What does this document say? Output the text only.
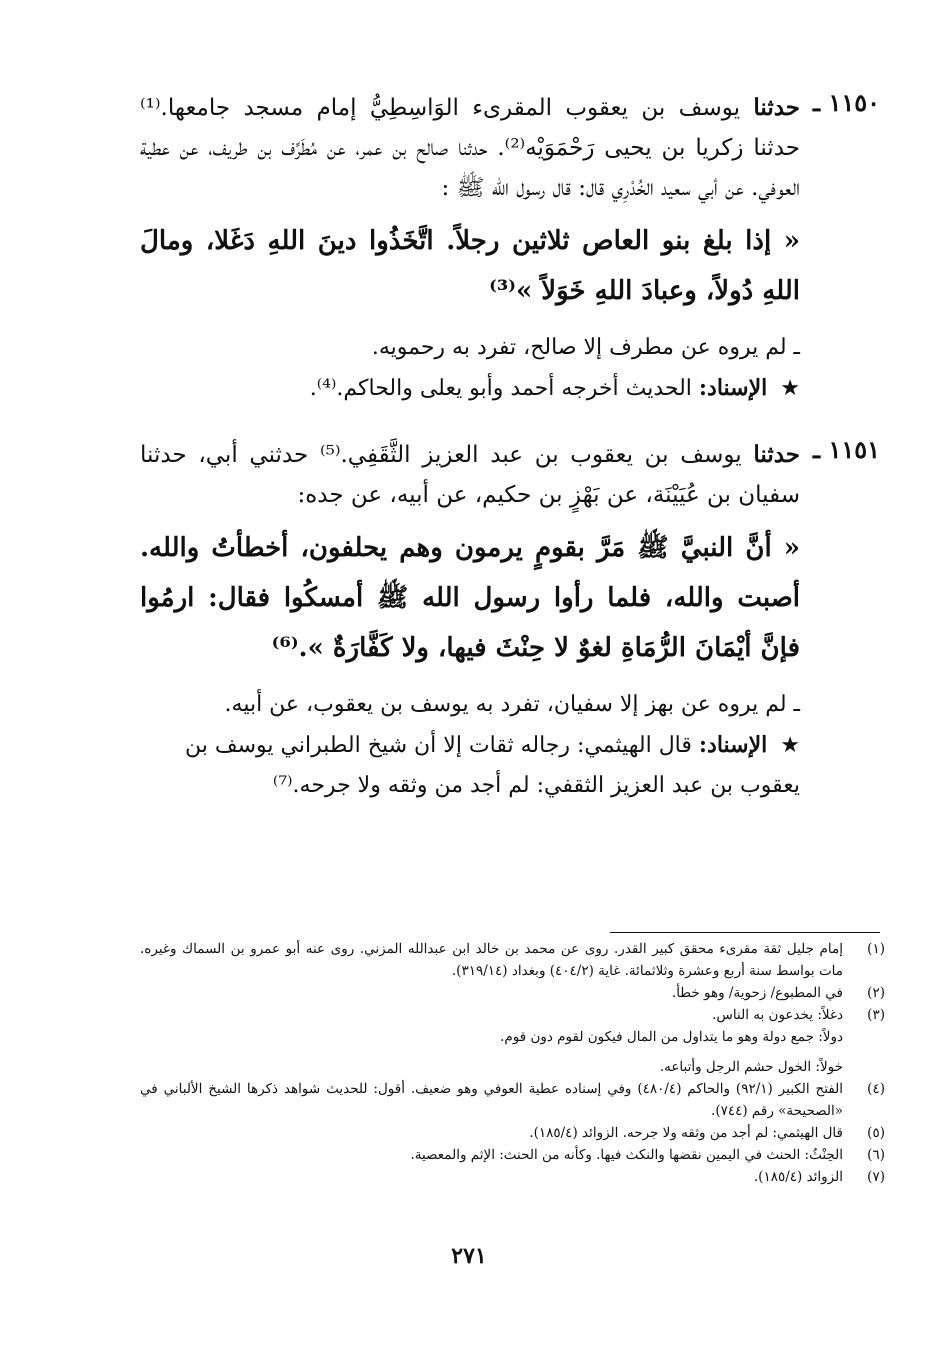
١١٥٠ ـ
حدثنا يوسف بن يعقوب المقرىء الوَاسِطِيُّ إمام مسجد جامعها.⁽¹⁾ حدثنا زكريا بن يحيى رَحْمَوَيْه⁽²⁾. حدثنا صالح بن عمر، عن مُطَرِّف بن طريف، عن عطية العوفي. عن أبي سعيد الخُدْرِي قال: قال رسول الله ﷺ :
« إذا بلغ بنو العاص ثلاثين رجلاً. اتَّخَذُوا دينَ اللهِ دَغَلا، ومالَ اللهِ دُولاً، وعبادَ اللهِ خَوَلاً »⁽³⁾
ـ لم يروه عن مطرف إلا صالح، تفرد به رحمويه.
★ الإسناد: الحديث أخرجه أحمد وأبو يعلى والحاكم.⁽⁴⁾.
١١٥١ ـ
حدثنا يوسف بن يعقوب بن عبد العزيز الثَّقَفِي.⁽⁵⁾ حدثني أبي، حدثنا سفيان بن عُيَيْنَة، عن بَهْزٍ بن حكيم، عن أبيه، عن جده:
« أنَّ النبيَّ ﷺ مَرَّ بقومٍ يرمون وهم يحلفون، أخطأتُ والله. أصبت والله، فلما رأوا رسول الله ﷺ أمسكُوا فقال: ارمُوا فإنَّ أيْمَانَ الرُّمَاةِ لغوٌ لا حِنْثَ فيها، ولا كَفَّارَةٌ ».⁽⁶⁾
ـ لم يروه عن بهز إلا سفيان، تفرد به يوسف بن يعقوب، عن أبيه.
★ الإسناد: قال الهيثمي: رجاله ثقات إلا أن شيخ الطبراني يوسف بن يعقوب بن عبد العزيز الثقفي: لم أجد من وثقه ولا جرحه.⁽⁷⁾
(١)
إمام جليل ثقة مقرىء محقق كبير القدر. روى عن محمد بن خالد ابن عبدالله المزني. روى عنه أبو عمرو بن السماك وغيره. مات بواسط سنة أربع وعشرة وثلاثمائة. غاية (٤٠٤/٢) وبغداد (٣١٩/١٤).
(٢)
في المطبوع/ زحوية/ وهو خطأ.
(٣)
دغلاً: يخدعون به الناس.
دولاً: جمع دولة وهو ما يتداول من المال فيكون لقوم دون قوم.
خولاً: الخول حشم الرجل وأتباعه.
(٤)
الفتح الكبير (٩٢/١) والحاكم (٤٨٠/٤) وفي إسناده عطية العوفي وهو ضعيف. أقول: للحديث شواهد ذكرها الشيخ الألباني في «الصحيحة» رقم (٧٤٤).
(٥)
قال الهيثمي: لم أجد من وثقه ولا جرحه. الزوائد (١٨٥/٤).
(٦)
الحِنْثُ: الحنث في اليمين نقضها والنكث فيها. وكأنه من الحنث: الإثم والمعصية.
(٧)
الزوائد (١٨٥/٤).
٢٧١
